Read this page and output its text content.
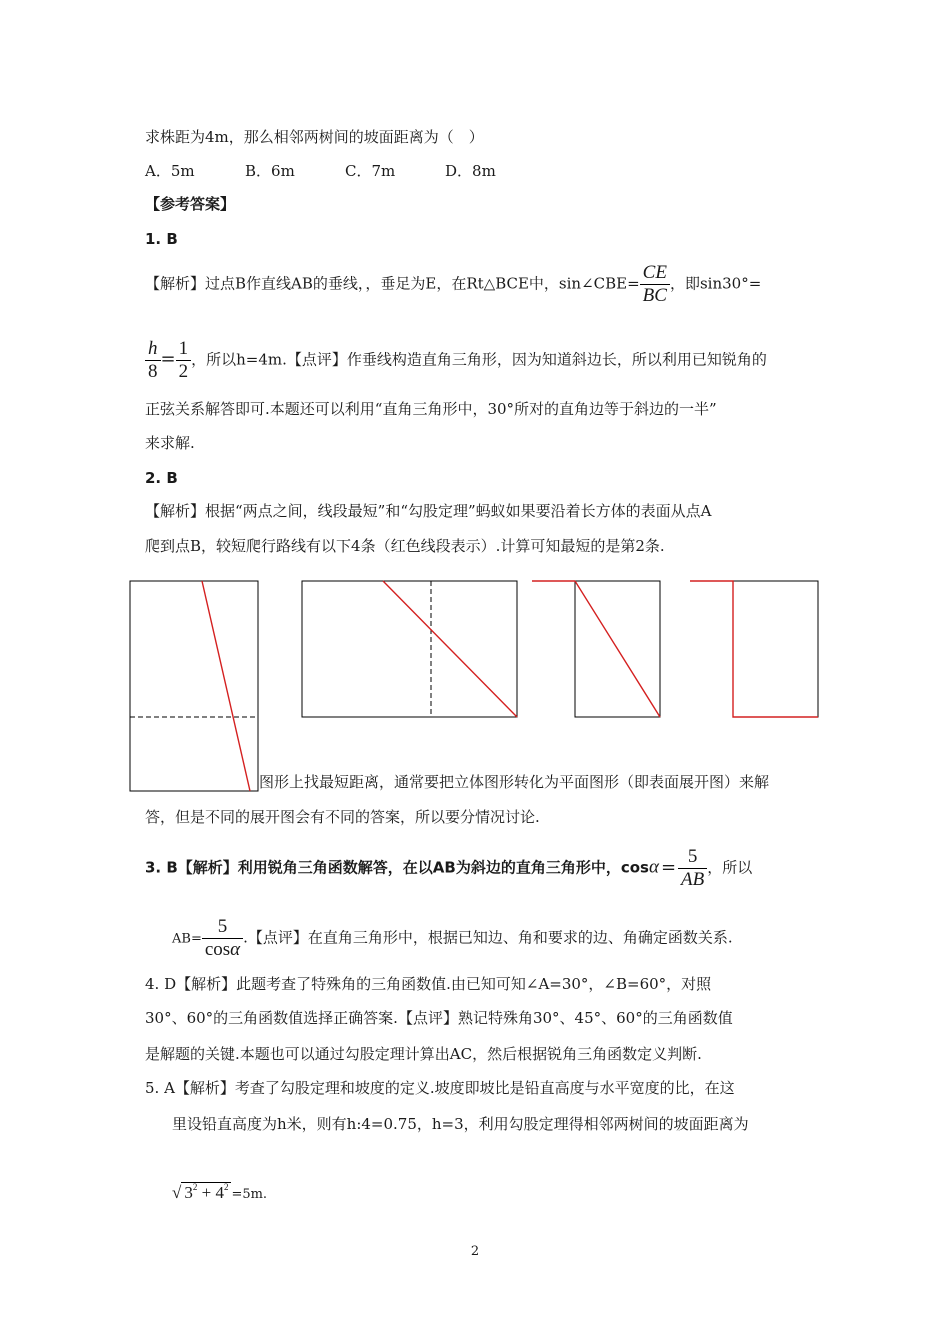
求株距为4m，那么相邻两树间的坡面距离为（　）
A．5m	B．6m	C．7m	D．8m
【参考答案】
1. B
【解析】过点B作直线AB的垂线，，垂足为E，在Rt△BCE中，sin∠CBE= $\frac{CE}{BC}$ ，即sin30°=
$\frac{h}{8} = \frac{1}{2}$ ，所以h=4m.【点评】作垂线构造直角三角形，因为知道斜边长，所以利用已知锐角的
正弦关系解答即可.本题还可以利用“直角三角形中，30°所对的直角边等于斜边的一半”
来求解.
2. B
【解析】根据“两点之间，线段最短”和“勾股定理”蚂蚁如果要沿着长方体的表面从点A
爬到点B，较短爬行路线有以下4条（红色线段表示）.计算可知最短的是第2条.
图形上找最短距离，通常要把立体图形转化为平面图形（即表面展开图）来解
答，但是不同的展开图会有不同的答案，所以要分情况讨论.
3. B【解析】利用锐角三角函数解答，在以AB为斜边的直角三角形中，$\cos\alpha = \frac{5}{AB}$ ，所以
$AB= \frac{5}{\cos\alpha}$ .【点评】在直角三角形中，根据已知边、角和要求的边、角确定函数关系.
4. D【解析】此题考查了特殊角的三角函数值.由已知可知∠A=30°，∠B=60°，对照
30°、60°的三角函数值选择正确答案.【点评】熟记特殊角30°、45°、60°的三角函数值
是解题的关键.本题也可以通过勾股定理计算出AC，然后根据锐角三角函数定义判断.
5. A【解析】考查了勾股定理和坡度的定义.坡度即坡比是铅直高度与水平宽度的比，在这
里设铅直高度为h米，则有h:4=0.75，h=3，利用勾股定理得相邻两树间的坡面距离为
√ $3^2 + 4^2 =5m$.
2
